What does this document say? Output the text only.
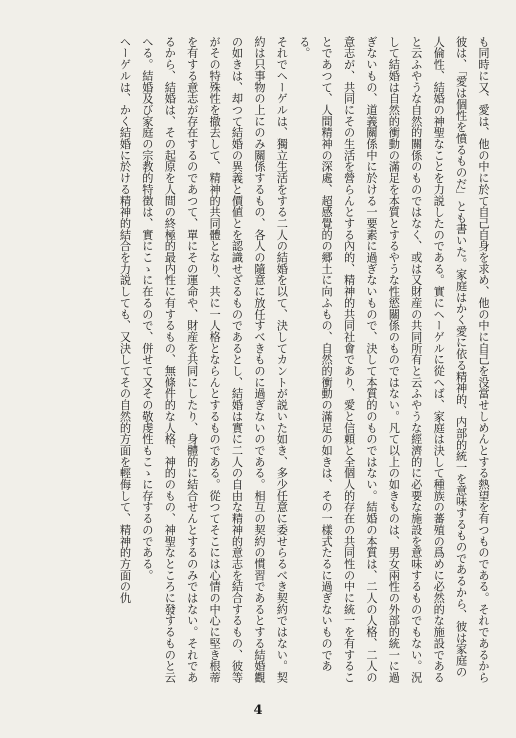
も同時に又、愛は、他の中に於て自己自身を求め、他の中に自己を没當せしめんとする熱望を有つものである。それであるから彼は、「愛は個性を憤るものだ」とも書いた。家庭はかく愛に依る精神的、内部的統一を意味するものであるから、彼は家庭の人倫性、結婚の神聖なことを力説したのである。實にヘーゲルに從へば、家庭は決して種族の蕃殖の爲めに必然的な施設であると云ふやうな自然的關係のものではなく、或は又財産の共同所有と云ふやうな經濟的に必要な施設を意味するものでもない。況して結婚は自然的衝動の滿足を本質とするやうな性慾關係のものではない。凡て以上の如きものは、男女兩性の外部的統一に過ぎないもの、道義關係中に於ける一要素に過ぎないもので、決して本質的のものではない。結婚の本質は、二人の人格、二人の意志が、共同にその生活を營らんとする內的、精神的共同社會であり、愛と信頼と全個人的存在の共同性の中に統一を有することであつて、人間精神の深處、超感覺的の郷土に向ふもの、自然的衝動の滿足の如きは、その一樣式たるに過ぎないものである。

それでヘーゲルは、獨立生活をする二人の結婚を以て、決してカントが説いた如き、多少任意に委せらるべき契約ではない。契約は只事物の上にのみ關係するもの、各人の隨意に放任すべきものに過ぎないのである。相互の契約の慣習であるとする結婚觀の如きは、却つて結婚の異義と價値とを認識せざるものであるとし、結婚は實に二人の自由な精神的意志を結合するもの、彼等がその特殊性を撤去して、精神的共同體となり、共に一人格とならんとするものである。從つてそこには心情の中心に堅き根蒂を有する意志が存在するのであつて、單にその運命や、財産を共同にしたり、身體的に結合せんとするのみではない。それであるから、結婚は、その起原を人間の終極的最内性に有するもの、無條件的な人格、神的のもの、神聖なところに發するものと云へる。結婚及び家庭の宗教的特徴は、實にこゝに在るので、併せて又その敬虔性もこゝに存するのである。

ヘーゲルは、かく結婚に於ける精神的結合を力説しても、又決してその自然的方面を輕侮して、精神的方面の仇

4
